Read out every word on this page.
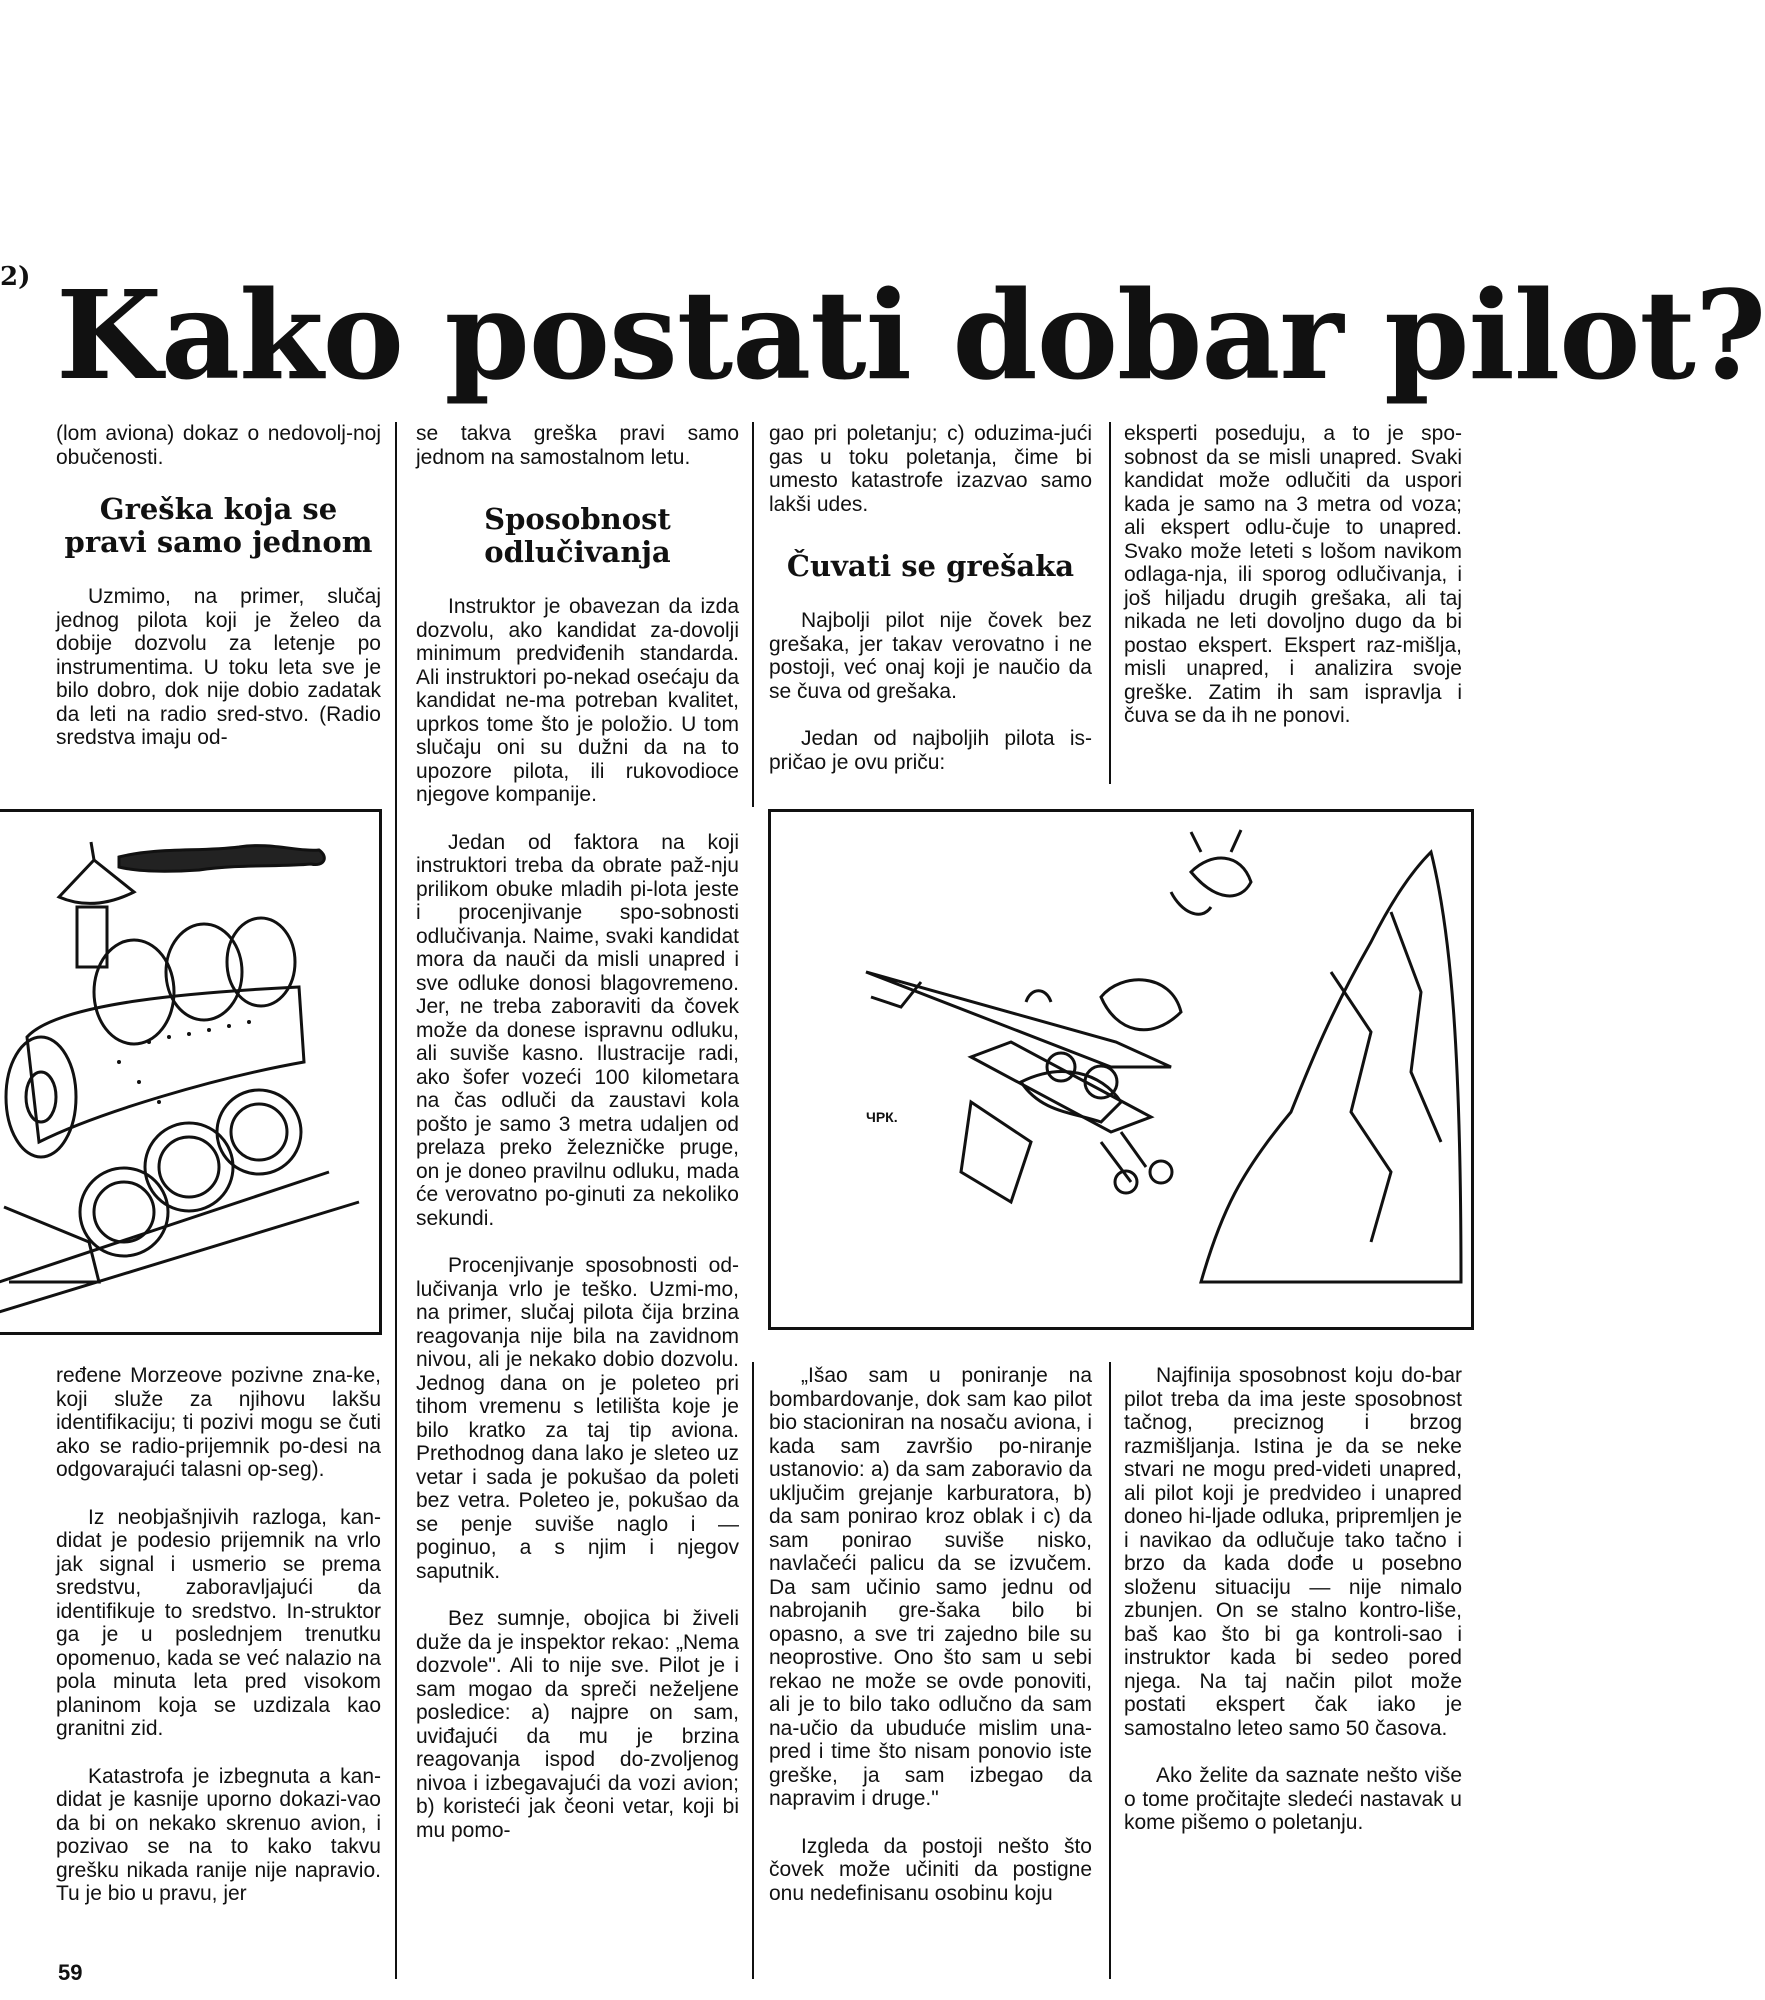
2) Kako postati dobar pilot?

(lom aviona) dokaz o nedovolj-nој obučenosti.

Greška koja se pravi samo jednom

Uzmimo, na primer, slučaj jednog pilota koji je želeo da dobije dozvolu za letenje po instrumentima. U toku leta sve je bilo dobro, dok nije dobio zadatak da leti na radio sred-stvo. (Radio sredstva imaju od-

ređene Morzeove pozivne zna-ke, koji služe za njihovu lakšu identifikaciju; ti pozivi mogu se čuti ako se radio-prijemnik po-desi na odgovarajući talasni op-seg).

Iz neobjašnjivih razloga, kan-didat je podesio prijemnik na vrlo jak signal i usmerio se prema sredstvu, zaboravljajući da identifikuje to sredstvo. In-struktor ga je u poslednjem trenutku opomenuo, kada se već nalazio na pola minuta leta pred visokom planinom koja se uzdizala kao granitni zid.

Katastrofa je izbegnuta a kan-didat je kasnije uporno dokazi-vao da bi on nekako skrenuo avion, i pozivao se na to kako takvu grešku nikada ranije nije napravio. Tu je bio u pravu, jer

se takva greška pravi samo jednom na samostalnom letu.

Sposobnost odlučivanja

Instruktor je obavezan da izda dozvolu, ako kandidat za-dovolji minimum predviđenih standarda. Ali instruktori po-nekad osećaju da kandidat ne-ma potreban kvalitet, uprkos tome što je položio. U tom slučaju oni su dužni da na to upozore pilota, ili rukovodioce njegove kompanije.

Jedan od faktora na koji instruktori treba da obrate paž-nju prilikom obuke mladih pi-lota jeste i procenjivanje spo-sobnosti odlučivanja. Naime, svaki kandidat mora da nauči da misli unapred i sve odluke donosi blagovremeno. Jer, ne treba zaboraviti da čovek može da donese ispravnu odluku, ali suviše kasno. Ilustracije radi, ako šofer vozeći 100 kilometara na čas odluči da zaustavi kola pošto je samo 3 metra udaljen od prelaza preko železničke pruge, on je doneo pravilnu odluku, mada će verovatno po-ginuti za nekoliko sekundi.

Procenjivanje sposobnosti od-lučivanja vrlo je teško. Uzmi-mo, na primer, slučaj pilota čija brzina reagovanja nije bila na zavidnom nivou, ali je nekako dobio dozvolu. Jednog dana on je poleteo pri tihom vremenu s letilišta koje je bilo kratko za taj tip aviona. Prethodnog dana lako je sleteo uz vetar i sada je pokušao da poleti bez vetra. Poleteo je, pokušao da se penje suviše naglo i — poginuo, a s njim i njegov saputnik.

Bez sumnje, obojica bi živeli duže da je inspektor rekao: „Nema dozvole". Ali to nije sve. Pilot je i sam mogao da spreči neželjene posledice: a) najpre on sam, uviđajući da mu je brzina reagovanja ispod do-zvoljenog nivoa i izbegavajući da vozi avion; b) koristeći jak čeoni vetar, koji bi mu pomo-

gao pri poletanju; c) oduzima-jući gas u toku poletanja, čime bi umesto katastrofe izazvao samo lakši udes.

Čuvati se grešaka

Najbolji pilot nije čovek bez grešaka, jer takav verovatno i ne postoji, već onaj koji je naučio da se čuva od grešaka.

Jedan od najboljih pilota is-pričao je ovu priču:

eksperti poseduju, a to je spo-sobnost da se misli unapred. Svaki kandidat može odlučiti da uspori kada je samo na 3 metra od voza; ali ekspert odlu-čuje to unapred. Svako može leteti s lošom navikom odlaga-nja, ili sporog odlučivanja, i još hiljadu drugih grešaka, ali taj nikada ne leti dovoljno dugo da bi postao ekspert. Ekspert raz-mišlja, misli unapred, i analizira svoje greške. Zatim ih sam ispravlja i čuva se da ih ne ponovi.

ЧРК.

„Išao sam u poniranje na bombardovanje, dok sam kao pilot bio stacioniran na nosaču aviona, i kada sam završio po-niranje ustanovio: a) da sam zaboravio da uključim grejanje karburatora, b) da sam ponirao kroz oblak i c) da sam ponirao suviše nisko, navlačeći palicu da se izvučem. Da sam učinio samo jednu od nabrojanih gre-šaka bilo bi opasno, a sve tri zajedno bile su neoprostive. Ono što sam u sebi rekao ne može se ovde ponoviti, ali je to bilo tako odlučno da sam na-učio da ubuduće mislim una-pred i time što nisam ponovio iste greške, ja sam izbegao da napravim i druge."

Izgleda da postoji nešto što čovek može učiniti da postigne onu nedefinisanu osobinu koju

Najfinija sposobnost koju do-bar pilot treba da ima jeste sposobnost tačnog, preciznog i brzog razmišljanja. Istina je da se neke stvari ne mogu pred-videti unapred, ali pilot koji je predvideo i unapred doneo hi-ljade odluka, pripremljen je i navikao da odlučuje tako tačno i brzo da kada dođe u posebno složenu situaciju — nije nimalo zbunjen. On se stalno kontro-liše, baš kao što bi ga kontroli-sao i instruktor kada bi sedeo pored njega. Na taj način pilot može postati ekspert čak iako je samostalno leteo samo 50 časova.

Ako želite da saznate nešto više o tome pročitajte sledeći nastavak u kome pišemo o poletanju.

59
